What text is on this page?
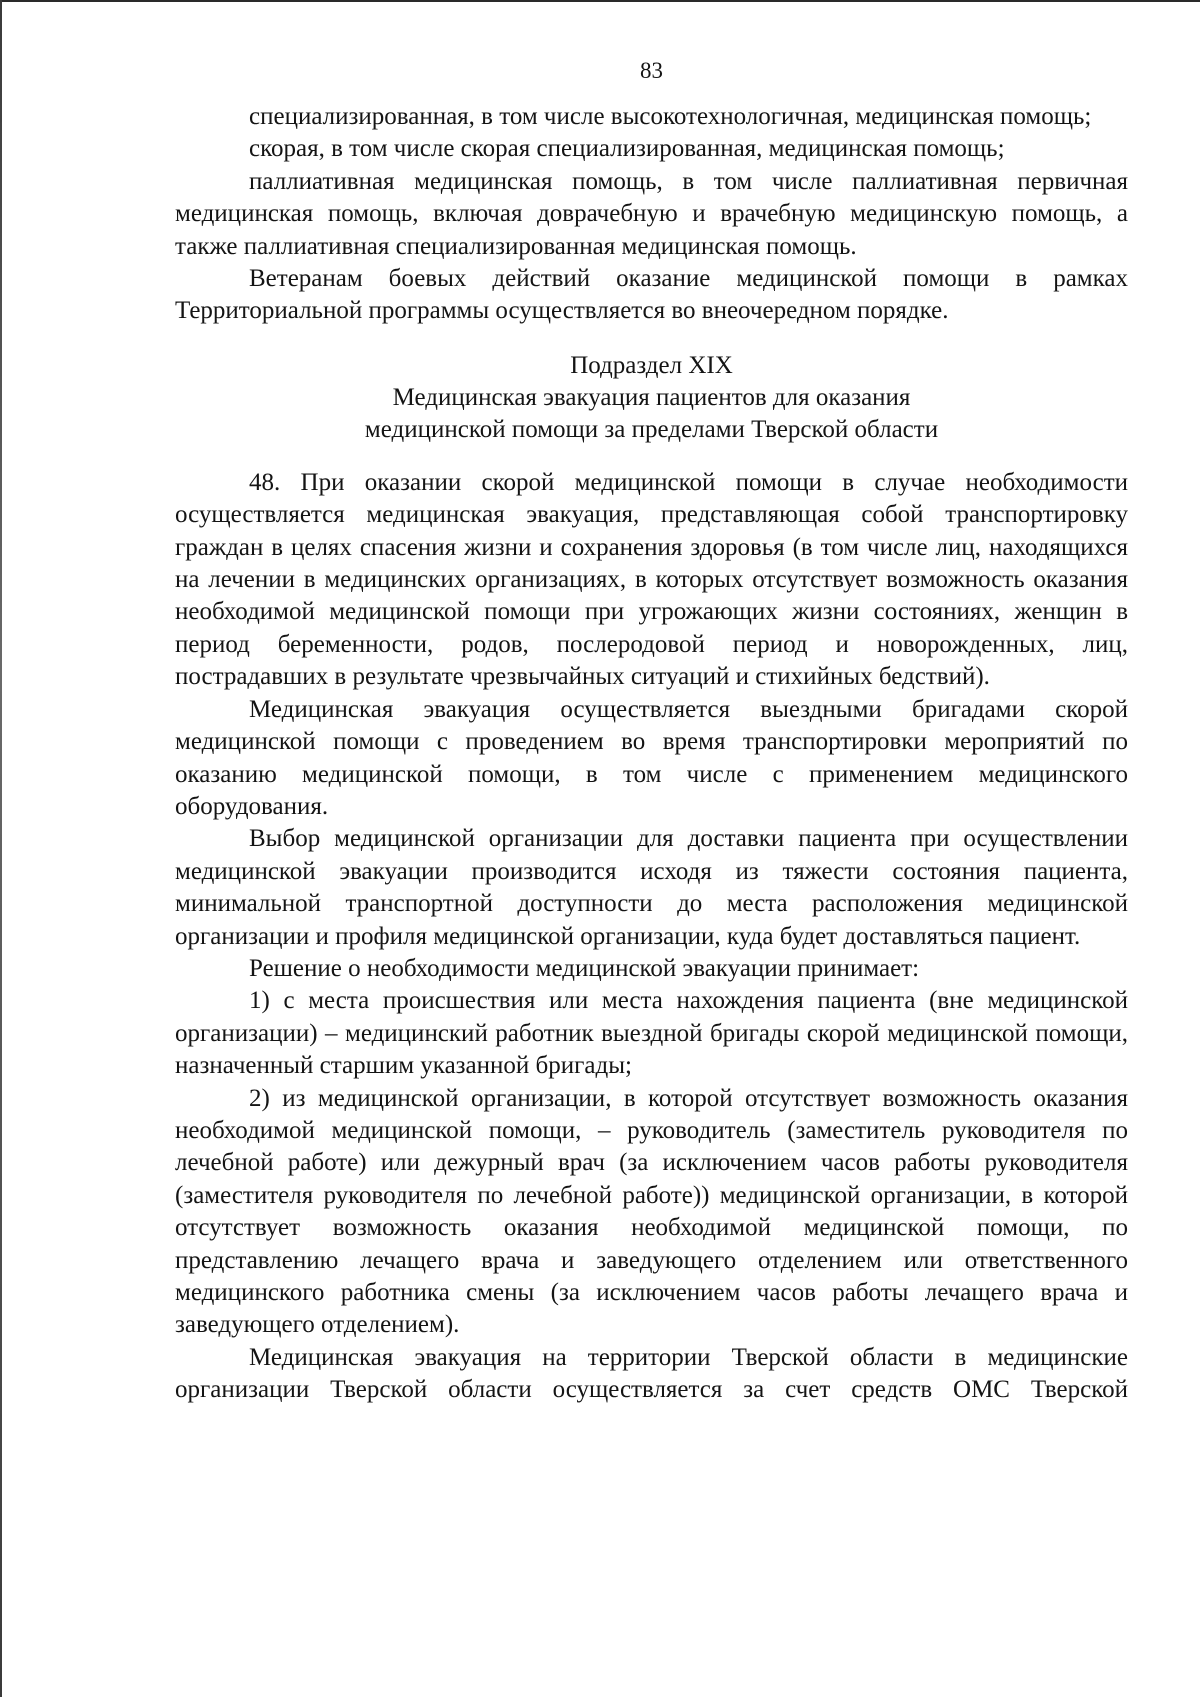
83

специализированная, в том числе высокотехнологичная, медицинская помощь;

скорая, в том числе скорая специализированная, медицинская помощь;

паллиативная медицинская помощь, в том числе паллиативная первичная медицинская помощь, включая доврачебную и врачебную медицинскую помощь, а также паллиативная специализированная медицинская помощь.

Ветеранам боевых действий оказание медицинской помощи в рамках Территориальной программы осуществляется во внеочередном порядке.

Подраздел XIX
Медицинская эвакуация пациентов для оказания
медицинской помощи за пределами Тверской области

48. При оказании скорой медицинской помощи в случае необходимости осуществляется медицинская эвакуация, представляющая собой транспортировку граждан в целях спасения жизни и сохранения здоровья (в том числе лиц, находящихся на лечении в медицинских организациях, в которых отсутствует возможность оказания необходимой медицинской помощи при угрожающих жизни состояниях, женщин в период беременности, родов, послеродовой период и новорожденных, лиц, пострадавших в результате чрезвычайных ситуаций и стихийных бедствий).

Медицинская эвакуация осуществляется выездными бригадами скорой медицинской помощи с проведением во время транспортировки мероприятий по оказанию медицинской помощи, в том числе с применением медицинского оборудования.

Выбор медицинской организации для доставки пациента при осуществлении медицинской эвакуации производится исходя из тяжести состояния пациента, минимальной транспортной доступности до места расположения медицинской организации и профиля медицинской организации, куда будет доставляться пациент.

Решение о необходимости медицинской эвакуации принимает:

1) с места происшествия или места нахождения пациента (вне медицинской организации) – медицинский работник выездной бригады скорой медицинской помощи, назначенный старшим указанной бригады;

2) из медицинской организации, в которой отсутствует возможность оказания необходимой медицинской помощи, – руководитель (заместитель руководителя по лечебной работе) или дежурный врач (за исключением часов работы руководителя (заместителя руководителя по лечебной работе)) медицинской организации, в которой отсутствует возможность оказания необходимой медицинской помощи, по представлению лечащего врача и заведующего отделением или ответственного медицинского работника смены (за исключением часов работы лечащего врача и заведующего отделением).

Медицинская эвакуация на территории Тверской области в медицинские организации Тверской области осуществляется за счет средств ОМС Тверской
